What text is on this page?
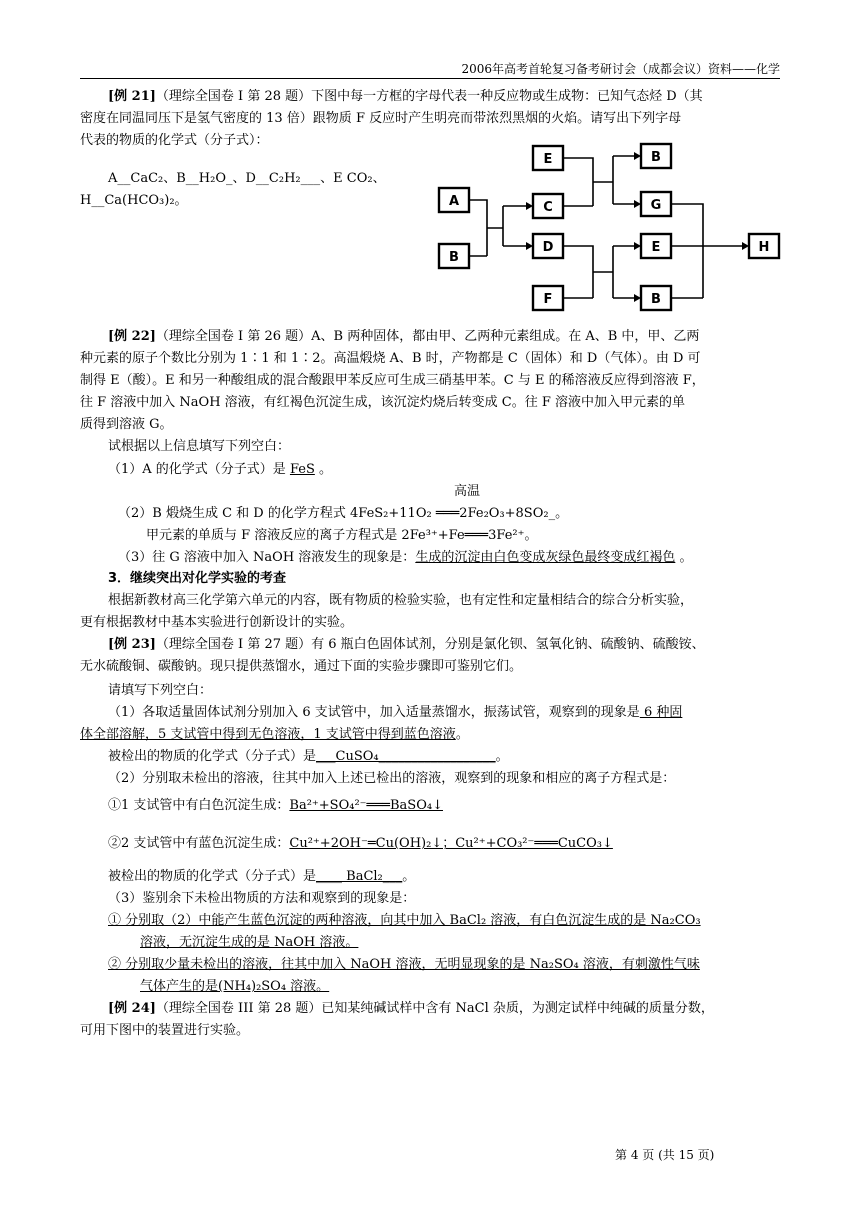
2006年高考首轮复习备考研讨会（成都会议）资料——化学
[例 21]（理综全国卷 I 第 28 题）下图中每一方框的字母代表一种反应物或生成物：已知气态烃 D（其
密度在同温同压下是氢气密度的 13 倍）跟物质 F 反应时产生明亮而带浓烈黑烟的火焰。请写出下列字母
代表的物质的化学式（分子式）：
A__CaC₂、B__H₂O_、D__C₂H₂___、E CO₂、
H__Ca(HCO₃)₂。
E	B
A	C	G
B
D	E	H
F	B
[例 22]（理综全国卷 I 第 26 题）A、B 两种固体，都由甲、乙两种元素组成。在 A、B 中，甲、乙两
种元素的原子个数比分别为 1∶1 和 1∶2。高温煅烧 A、B 时，产物都是 C（固体）和 D（气体）。由 D 可
制得 E（酸）。E 和另一种酸组成的混合酸跟甲苯反应可生成三硝基甲苯。C 与 E 的稀溶液反应得到溶液 F，
往 F 溶液中加入 NaOH 溶液，有红褐色沉淀生成，该沉淀灼烧后转变成 C。往 F 溶液中加入甲元素的单
质得到溶液 G。
试根据以上信息填写下列空白：
（1）A 的化学式（分子式）是 FeS 。
高温
（2）B 煅烧生成 C 和 D 的化学方程式 4FeS₂+11O₂ ═══2Fe₂O₃+8SO₂_。
甲元素的单质与 F 溶液反应的离子方程式是 2Fe³⁺+Fe═══3Fe²⁺。
（3）往 G 溶液中加入 NaOH 溶液发生的现象是：生成的沉淀由白色变成灰绿色最终变成红褐色 。
3．继续突出对化学实验的考查
根据新教材高三化学第六单元的内容，既有物质的检验实验，也有定性和定量相结合的综合分析实验，
更有根据教材中基本实验进行创新设计的实验。
[例 23]（理综全国卷 I 第 27 题）有 6 瓶白色固体试剂，分别是氯化钡、氢氧化钠、硫酸钠、硫酸铵、
无水硫酸铜、碳酸钠。现只提供蒸馏水，通过下面的实验步骤即可鉴别它们。
请填写下列空白：
（1）各取适量固体试剂分别加入 6 支试管中，加入适量蒸馏水，振荡试管，观察到的现象是 6 种固
体全部溶解，5 支试管中得到无色溶液，1 支试管中得到蓝色溶液。
被检出的物质的化学式（分子式）是___CuSO₄__________________。
（2）分别取未检出的溶液，往其中加入上述已检出的溶液，观察到的现象和相应的离子方程式是：
①1 支试管中有白色沉淀生成：Ba²⁺+SO₄²⁻═══BaSO₄↓
②2 支试管中有蓝色沉淀生成：Cu²⁺+2OH⁻═Cu(OH)₂↓；Cu²⁺+CO₃²⁻═══CuCO₃↓
被检出的物质的化学式（分子式）是____ BaCl₂___。
（3）鉴别余下未检出物质的方法和观察到的现象是：
① 分别取（2）中能产生蓝色沉淀的两种溶液，向其中加入 BaCl₂ 溶液，有白色沉淀生成的是 Na₂CO₃
溶液，无沉淀生成的是 NaOH 溶液。
② 分别取少量未检出的溶液，往其中加入 NaOH 溶液，无明显现象的是 Na₂SO₄ 溶液，有刺激性气味
气体产生的是(NH₄)₂SO₄ 溶液。
[例 24]（理综全国卷 III 第 28 题）已知某纯碱试样中含有 NaCl 杂质，为测定试样中纯碱的质量分数，
可用下图中的装置进行实验。
第 4 页 (共 15 页)
